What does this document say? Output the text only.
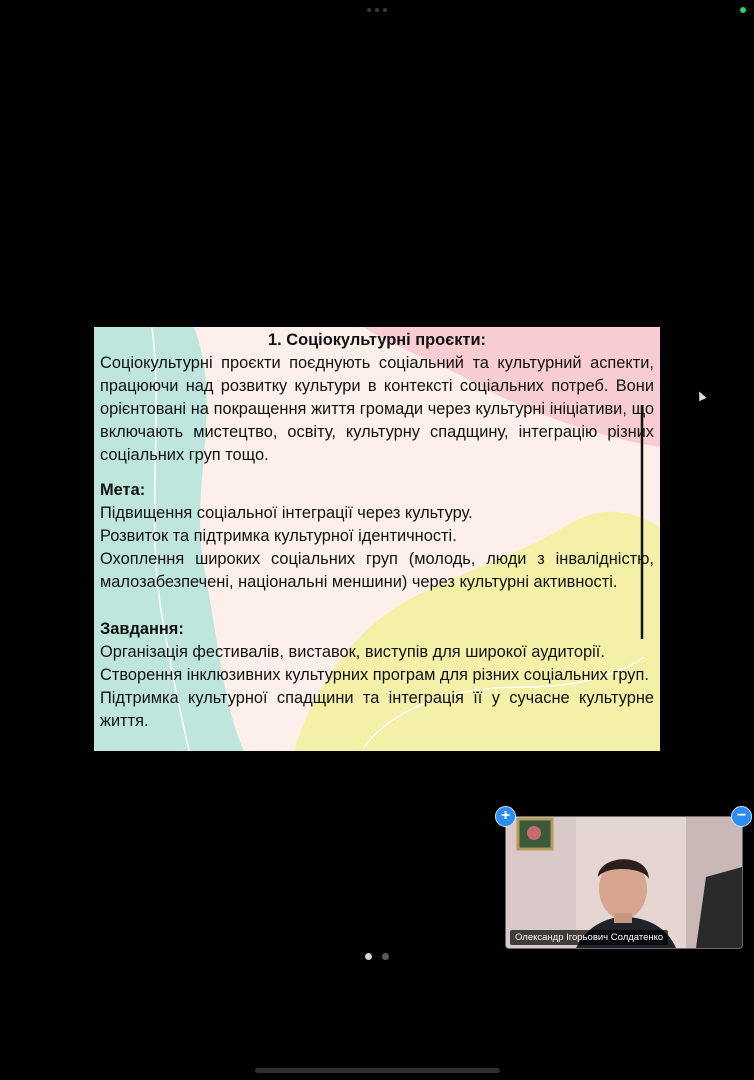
1. Соціокультурні проєкти:

Соціокультурні проєкти поєднують соціальний та культурний аспекти, працюючи над розвитку культури в контексті соціальних потреб. Вони орієнтовані на покращення життя громади через культурні ініціативи, що включають мистецтво, освіту, культурну спадщину, інтеграцію різних соціальних груп тощо.

Мета:

Підвищення соціальної інтеграції через культуру.

Розвиток та підтримка культурної ідентичності.

Охоплення широких соціальних груп (молодь, люди з інвалідністю, малозабезпечені, національні меншини) через культурні активності.

Завдання:

Організація фестивалів, виставок, виступів для широкої аудиторії.

Створення інклюзивних культурних програм для різних соціальних груп.

Підтримка культурної спадщини та інтеграція її у сучасне культурне життя.

Олександр Ігорьович Солдатенко
+	−
